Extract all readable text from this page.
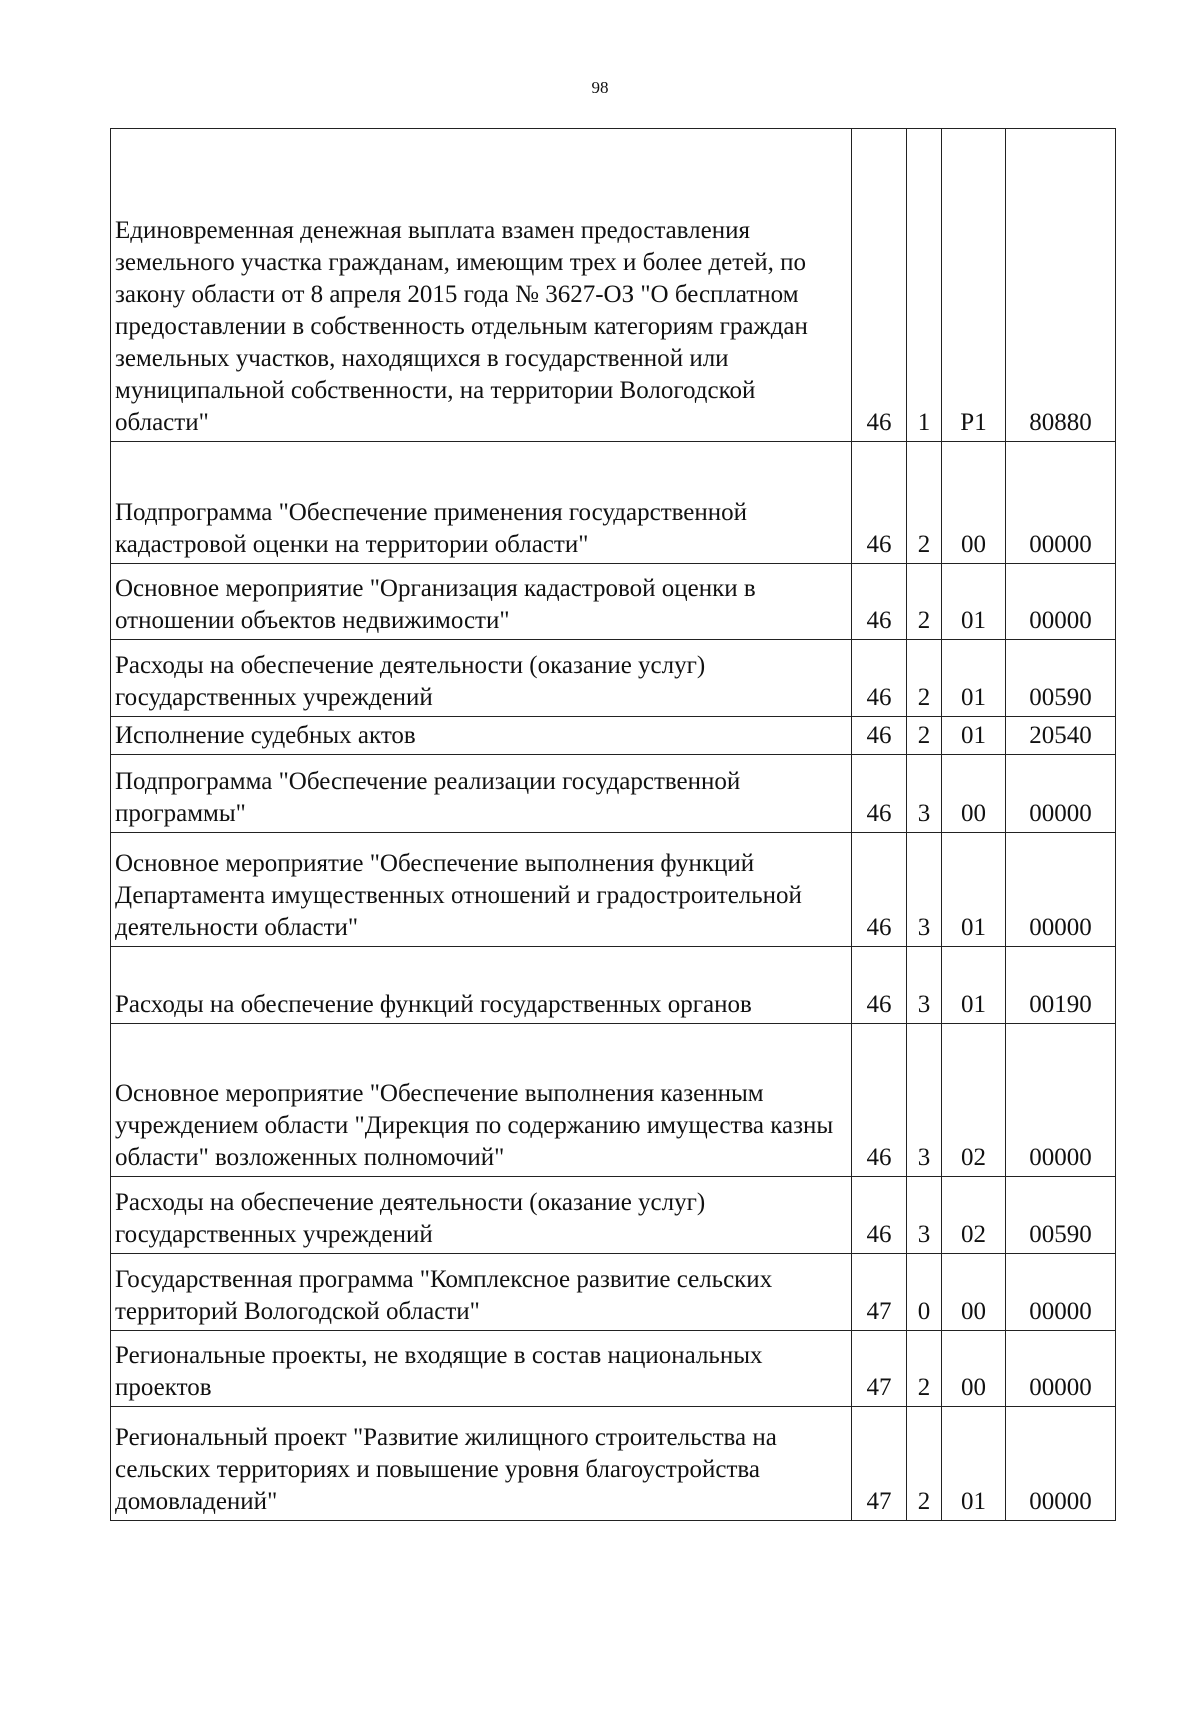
98
Единовременная денежная выплата взамен предоставления земельного участка гражданам, имеющим трех и более детей, по закону области от 8 апреля 2015 года № 3627-ОЗ "О бесплатном предоставлении в собственность отдельным категориям граждан земельных участков, находящихся в государственной или муниципальной собственности, на территории Вологодской области"	46	1	P1	80880
Подпрограмма "Обеспечение применения государственной кадастровой оценки на территории области"	46	2	00	00000
Основное мероприятие "Организация кадастровой оценки в отношении объектов недвижимости"	46	2	01	00000
Расходы на обеспечение деятельности (оказание услуг) государственных учреждений	46	2	01	00590
Исполнение судебных актов	46	2	01	20540
Подпрограмма "Обеспечение реализации государственной программы"	46	3	00	00000
Основное мероприятие "Обеспечение выполнения функций Департамента имущественных отношений и градостроительной деятельности области"	46	3	01	00000
Расходы на обеспечение функций государственных органов	46	3	01	00190
Основное мероприятие "Обеспечение выполнения казенным учреждением области "Дирекция по содержанию имущества казны области" возложенных полномочий"	46	3	02	00000
Расходы на обеспечение деятельности (оказание услуг) государственных учреждений	46	3	02	00590
Государственная программа "Комплексное развитие сельских территорий Вологодской области"	47	0	00	00000
Региональные проекты, не входящие в состав национальных проектов	47	2	00	00000
Региональный проект "Развитие жилищного строительства на сельских территориях и повышение уровня благоустройства домовладений"	47	2	01	00000
